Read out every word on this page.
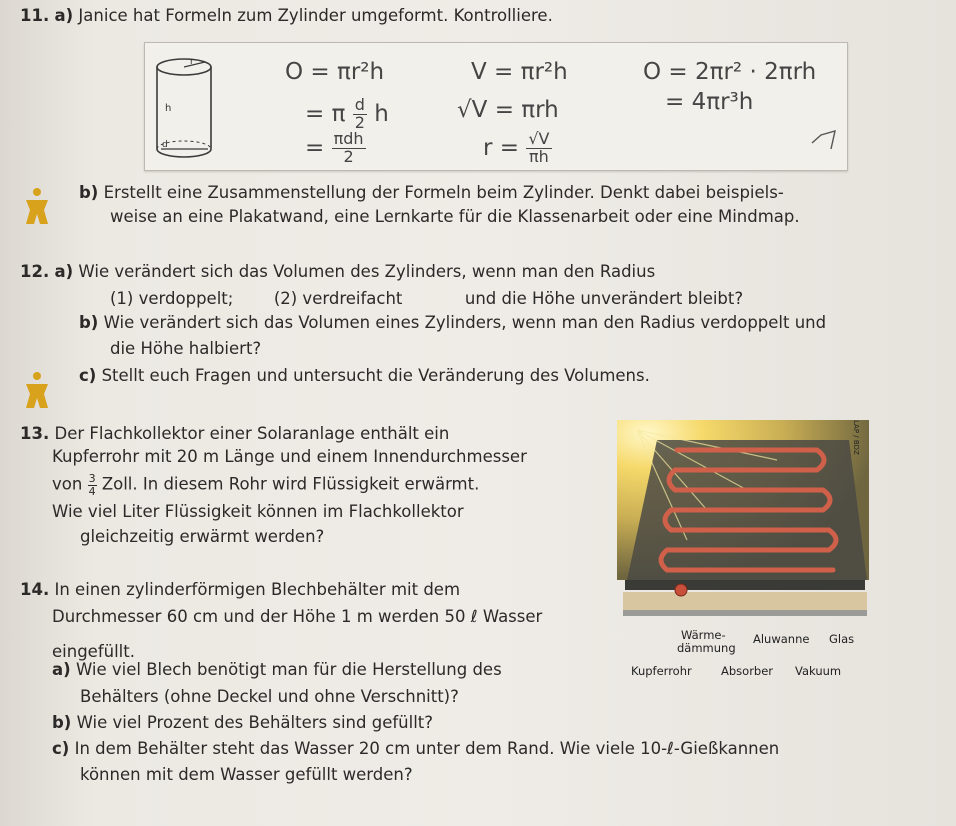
11. a) Janice hat Formeln zum Zylinder umgeformt. Kontrolliere.
r
h
d
O = πr²h
= π $\frac{d}{2}$ h
= $\frac{\text{πdh}}{2}$
V = πr²h
√V = πrh
$r = \frac{√V}{\pi h}$
O = 2πr² · 2πrh
= 4πr³h
b) Erstellt eine Zusammenstellung der Formeln beim Zylinder. Denkt dabei beispiels-
weise an eine Plakatwand, eine Lernkarte für die Klassenarbeit oder eine Mindmap.
12. a) Wie verändert sich das Volumen des Zylinders, wenn man den Radius
(1) verdoppelt; (2) verdreifacht	und die Höhe unverändert bleibt?
b) Wie verändert sich das Volumen eines Zylinders, wenn man den Radius verdoppelt und
die Höhe halbiert?
c) Stellt euch Fragen und untersucht die Veränderung des Volumens.
13. Der Flachkollektor einer Solaranlage enthält ein
Kupferrohr mit 20 m Länge und einem Innendurchmesser
von $\frac{3}{4}$ Zoll. In diesem Rohr wird Flüssigkeit erwärmt.
Wie viel Liter Flüssigkeit können im Flachkollektor
gleichzeitig erwärmt werden?
LAP / BDZ
Wärme-
dämmung
Aluwanne Glas
Kupferrohr	Absorber Vakuum
14. In einen zylinderförmigen Blechbehälter mit dem
Durchmesser 60 cm und der Höhe 1 m werden 50 ℓ Wasser
eingefüllt.
a) Wie viel Blech benötigt man für die Herstellung des
Behälters (ohne Deckel und ohne Verschnitt)?
b) Wie viel Prozent des Behälters sind gefüllt?
c) In dem Behälter steht das Wasser 20 cm unter dem Rand. Wie viele 10-ℓ-Gießkannen
können mit dem Wasser gefüllt werden?
